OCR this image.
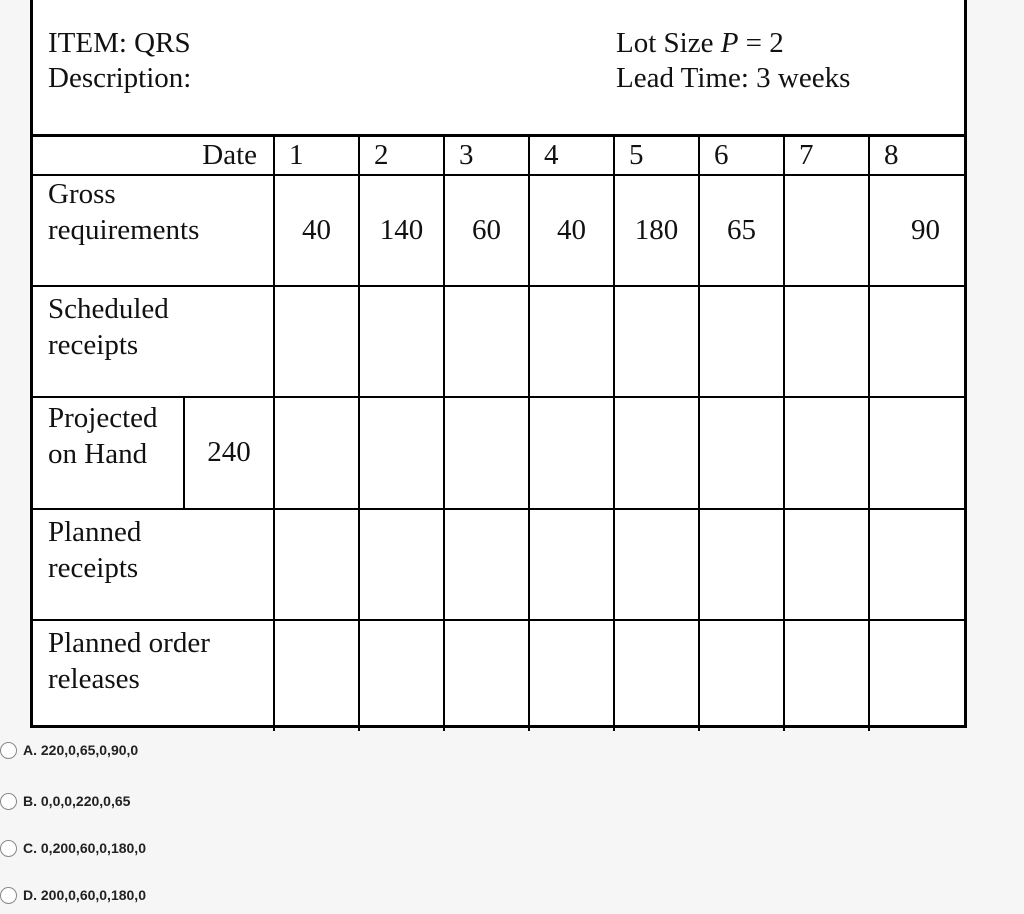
ITEM: QRS
Description:
Lot Size P = 2
Lead Time: 3 weeks
Date	1	2	3	4	5	6	7	8

Gross
requirements	40	140	60	40	180	65		90

Scheduled
receipts								

Projected
on Hand 240								

Planned
receipts								

Planned order
releases								

A. 220,0,65,0,90,0
B. 0,0,0,220,0,65
C. 0,200,60,0,180,0
D. 200,0,60,0,180,0
